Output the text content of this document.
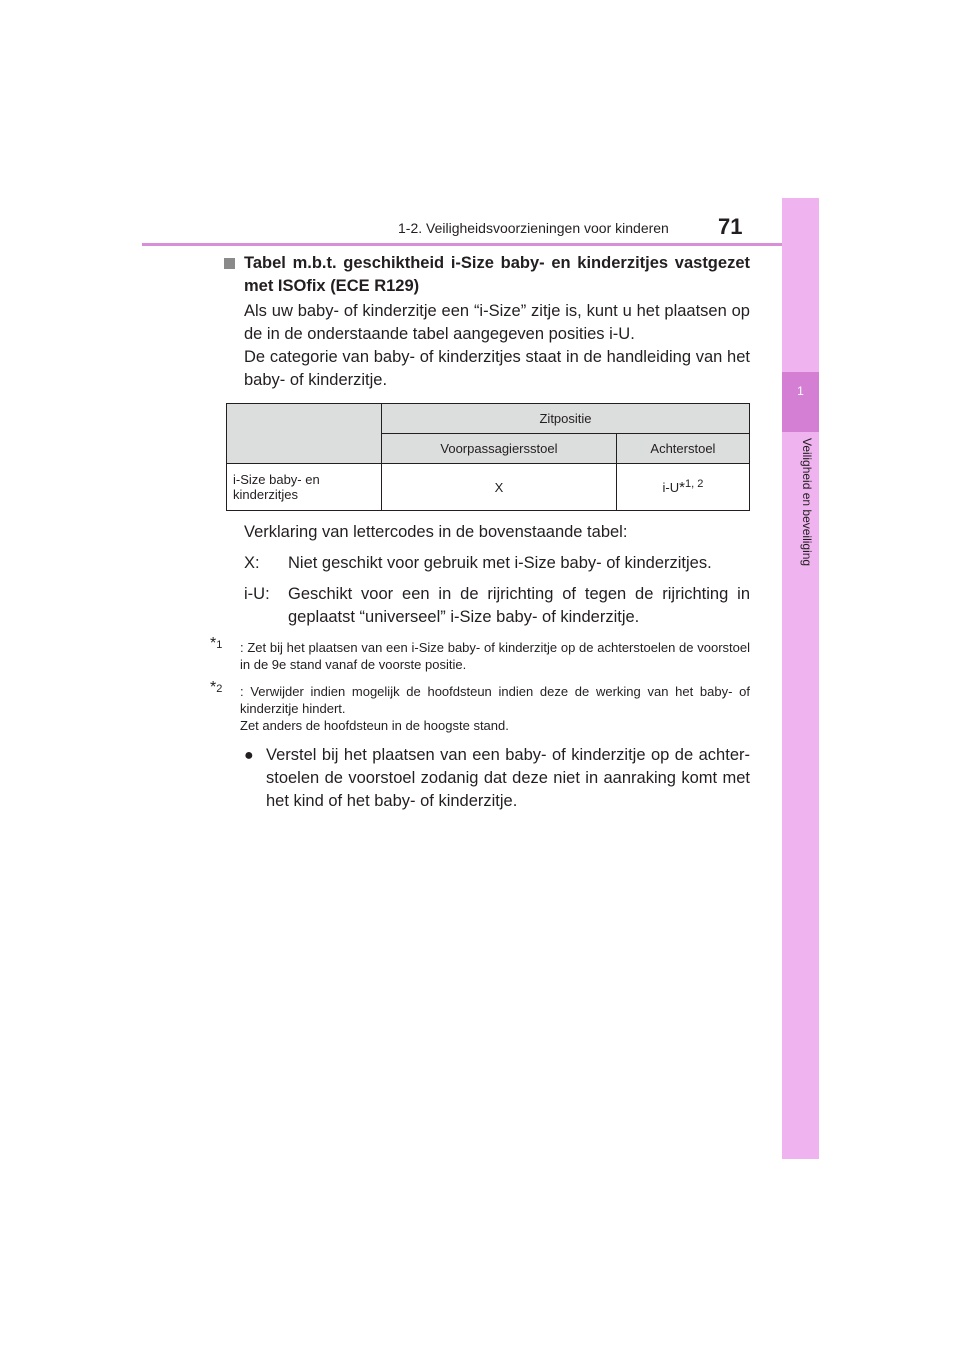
1-2. Veiligheidsvoorzieningen voor kinderen 71
1
Veiligheid en beveiliging
Tabel m.b.t. geschiktheid i-Size baby- en kinderzitjes vastgezet met ISOfix (ECE R129)
Als uw baby- of kinderzitje een “i-Size” zitje is, kunt u het plaatsen op de in de onderstaande tabel aangegeven posities i-U.
De categorie van baby- of kinderzitjes staat in de handleiding van het baby- of kinderzitje.
	Zitpositie	
	Voorpassagiersstoel	Achterstoel
i-Size baby- en kinderzitjes	X	i-U*$^{1, 2}$
Verklaring van lettercodes in de bovenstaande tabel:
X:	Niet geschikt voor gebruik met i-Size baby- of kinderzitjes.
i-U:	Geschikt voor een in de rijrichting of tegen de rijrichting in geplaatst “universeel” i-Size baby- of kinderzitje.
*1 : Zet bij het plaatsen van een i-Size baby- of kinderzitje op de achterstoelen de voorstoel in de 9e stand vanaf de voorste positie.
*2 : Verwijder indien mogelijk de hoofdsteun indien deze de werking van het baby- of kinderzitje hindert.
Zet anders de hoofdsteun in de hoogste stand.
● Verstel bij het plaatsen van een baby- of kinderzitje op de achter-stoelen de voorstoel zodanig dat deze niet in aanraking komt met het kind of het baby- of kinderzitje.
